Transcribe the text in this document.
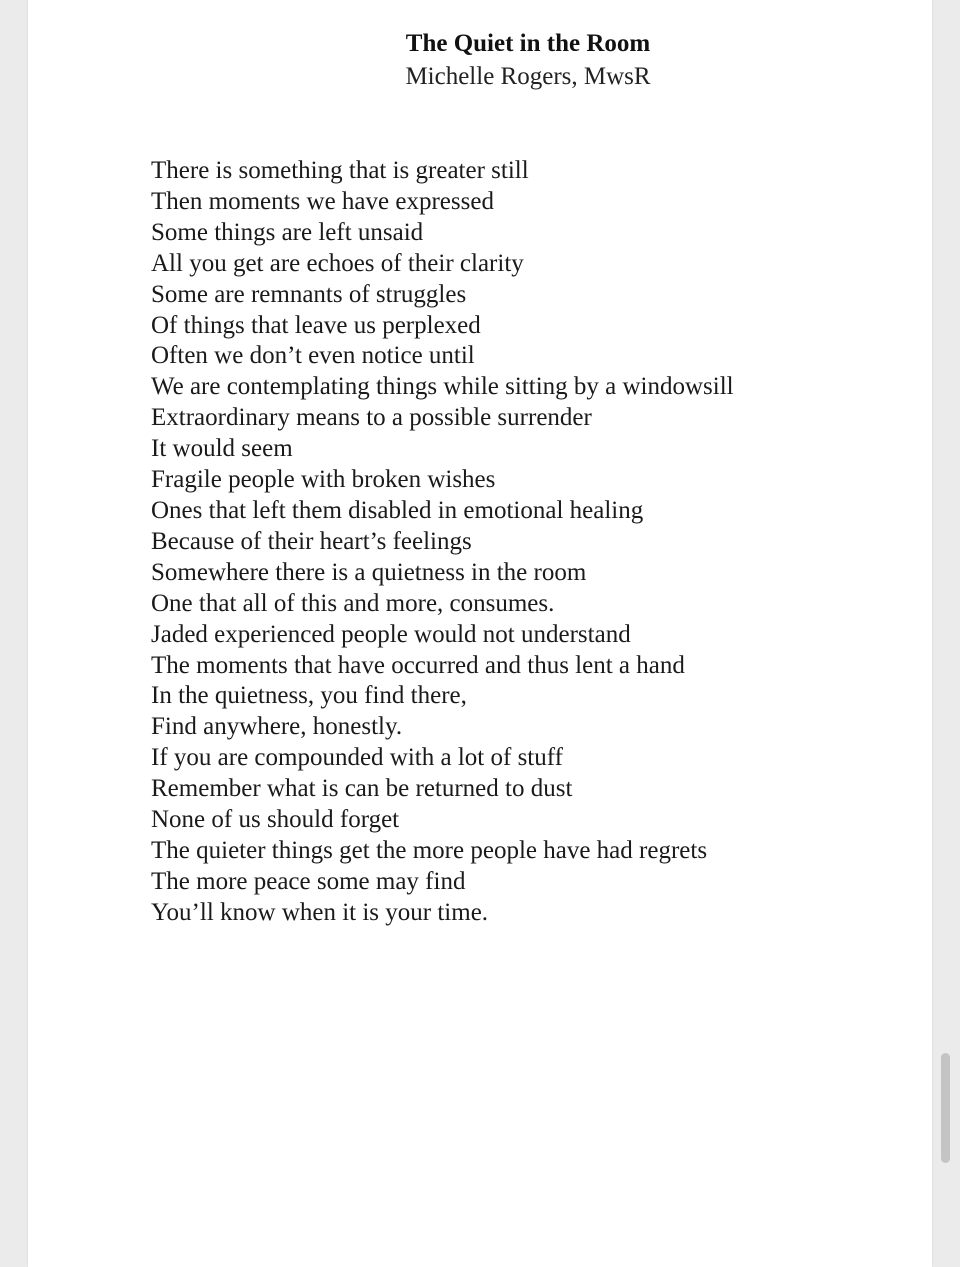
The Quiet in the Room
Michelle Rogers, MwsR
There is something that is greater still
Then moments we have expressed
Some things are left unsaid
All you get are echoes of their clarity
Some are remnants of struggles
Of things that leave us perplexed
Often we don’t even notice until
We are contemplating things while sitting by a windowsill
Extraordinary means to a possible surrender
It would seem
Fragile people with broken wishes
Ones that left them disabled in emotional healing
Because of their heart’s feelings
Somewhere there is a quietness in the room
One that all of this and more, consumes.
Jaded experienced people would not understand
The moments that have occurred and thus lent a hand
In the quietness, you find there,
Find anywhere, honestly.
If you are compounded with a lot of stuff
Remember what is can be returned to dust
None of us should forget
The quieter things get the more people have had regrets
The more peace some may find
You’ll know when it is your time.
